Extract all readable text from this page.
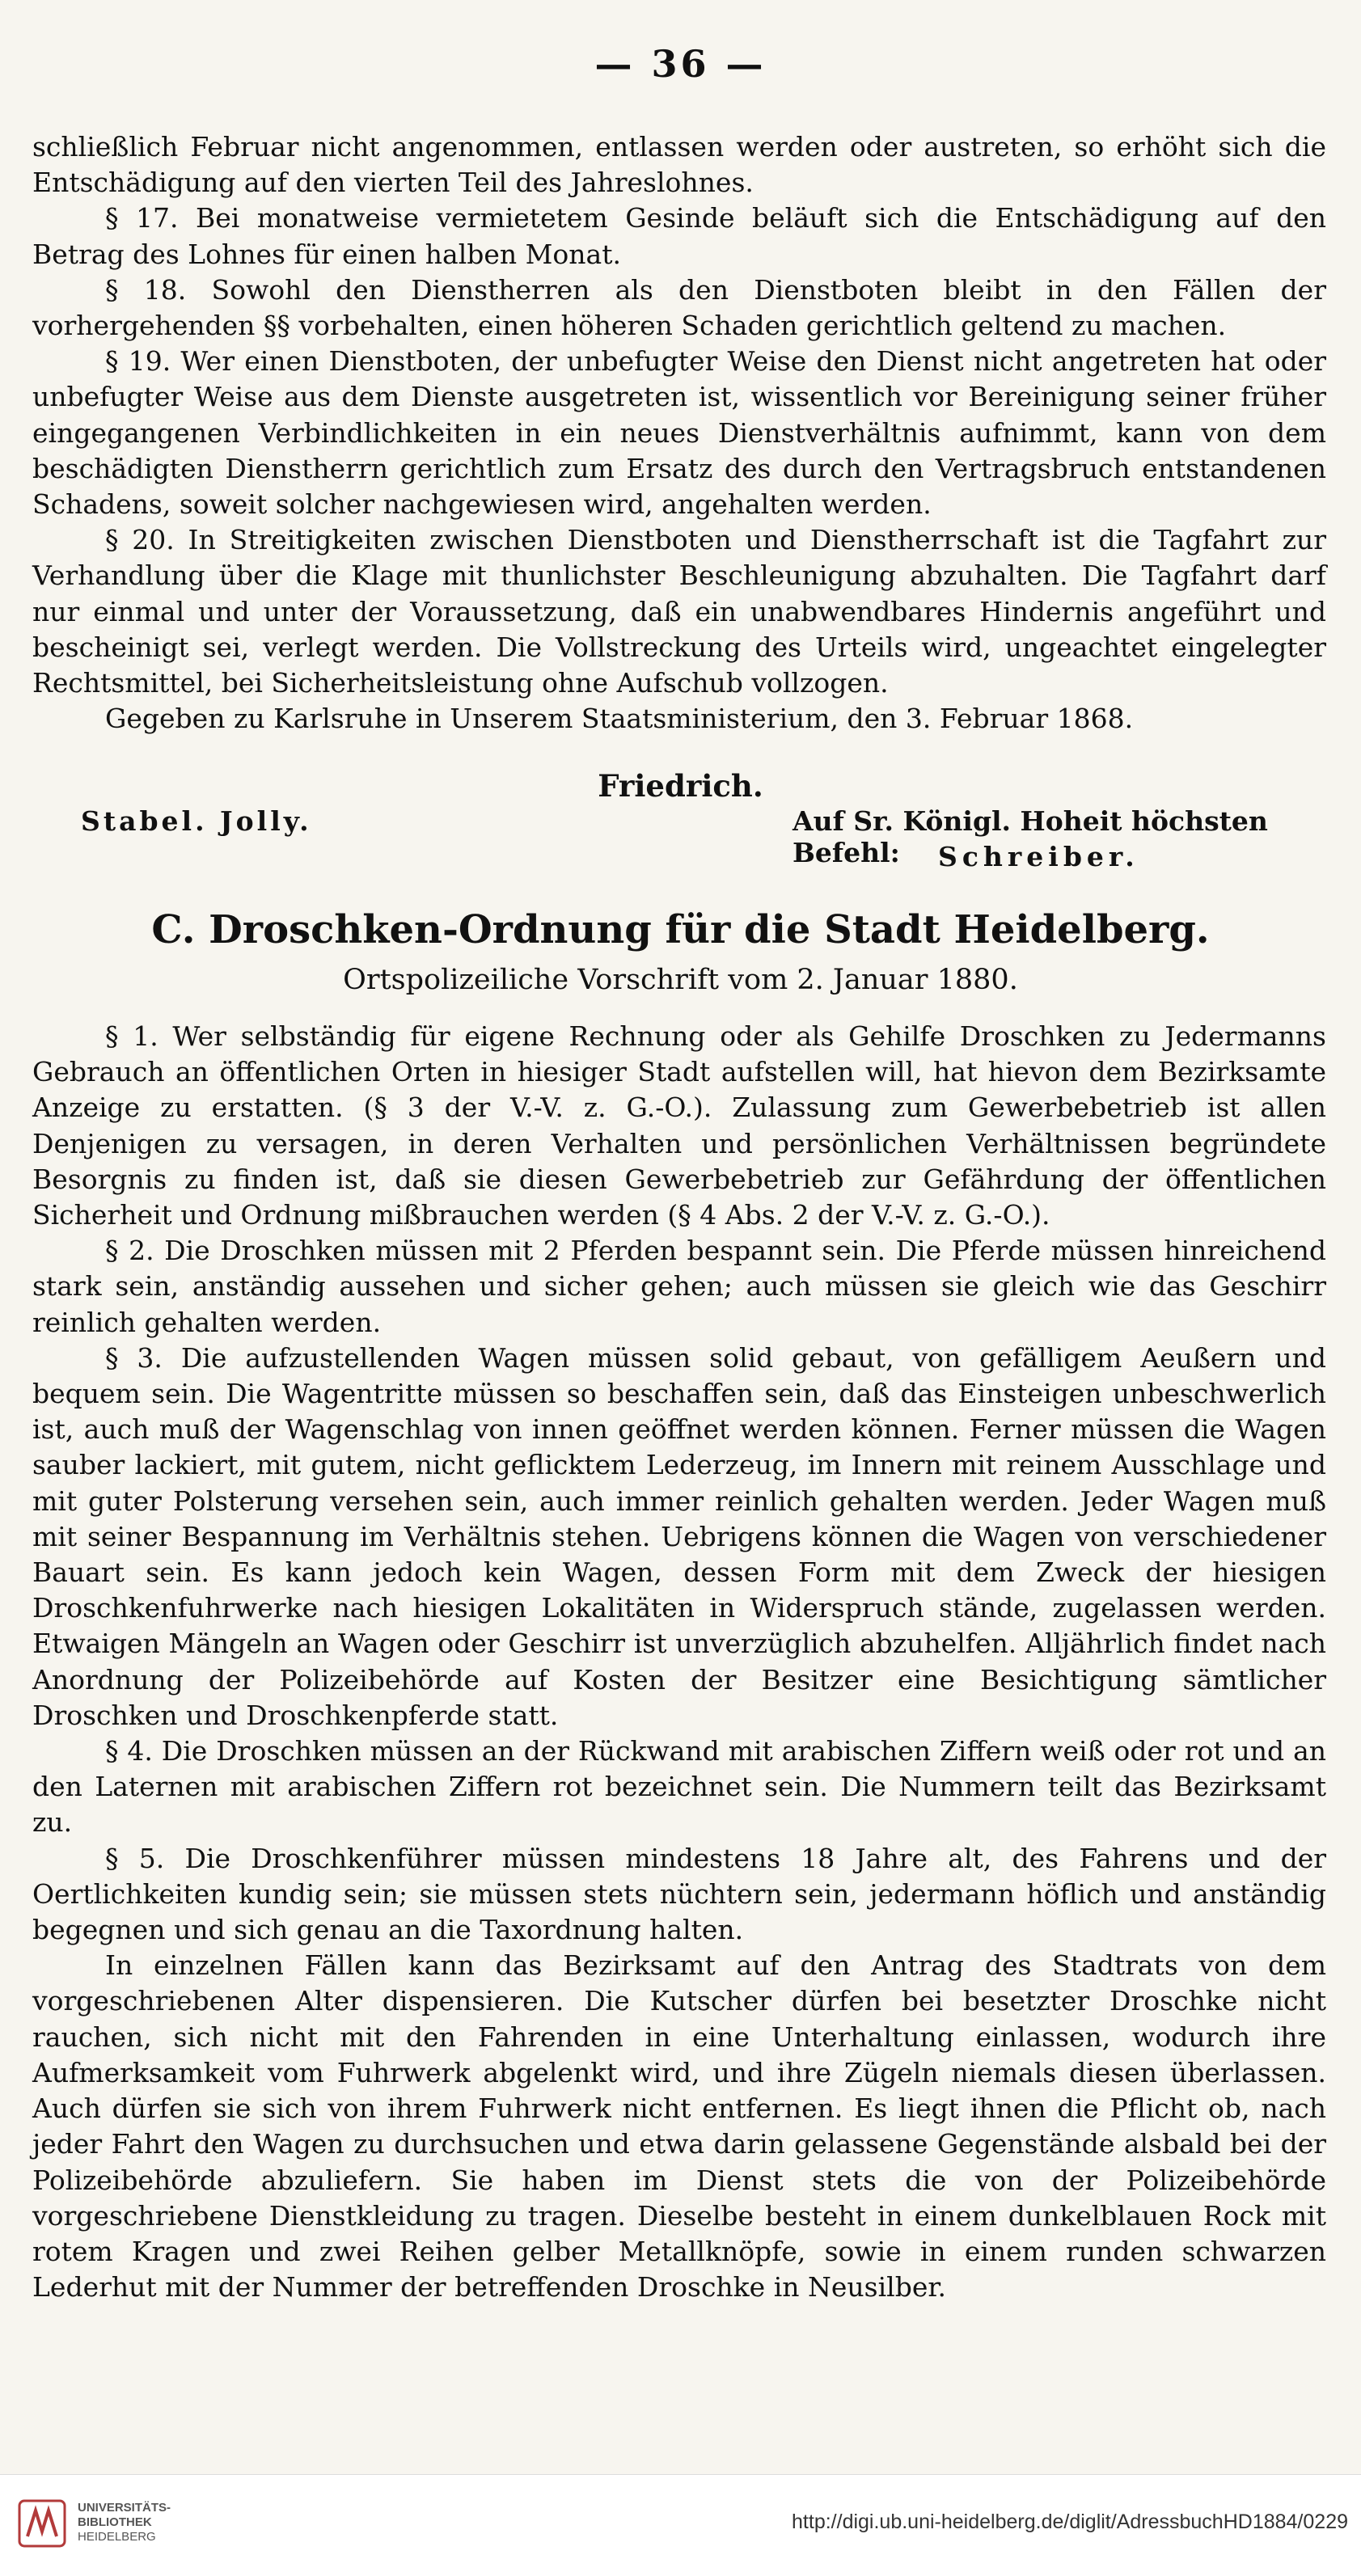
— 36 —

schließlich Februar nicht angenommen, entlassen werden oder austreten, so erhöht sich die Entschädigung auf den vierten Teil des Jahreslohnes.

§ 17. Bei monatweise vermietetem Gesinde beläuft sich die Entschädigung auf den Betrag des Lohnes für einen halben Monat.

§ 18. Sowohl den Dienstherren als den Dienstboten bleibt in den Fällen der vorhergehenden §§ vorbehalten, einen höheren Schaden gerichtlich geltend zu machen.

§ 19. Wer einen Dienstboten, der unbefugter Weise den Dienst nicht angetreten hat oder unbefugter Weise aus dem Dienste ausgetreten ist, wissentlich vor Bereinigung seiner früher eingegangenen Verbindlichkeiten in ein neues Dienstverhältnis aufnimmt, kann von dem beschädigten Dienstherrn gerichtlich zum Ersatz des durch den Vertragsbruch entstandenen Schadens, soweit solcher nachgewiesen wird, angehalten werden.

§ 20. In Streitigkeiten zwischen Dienstboten und Dienstherrschaft ist die Tagfahrt zur Verhandlung über die Klage mit thunlichster Beschleunigung abzuhalten. Die Tagfahrt darf nur einmal und unter der Voraussetzung, daß ein unabwendbares Hindernis angeführt und bescheinigt sei, verlegt werden. Die Vollstreckung des Urteils wird, ungeachtet eingelegter Rechtsmittel, bei Sicherheitsleistung ohne Aufschub vollzogen.

Gegeben zu Karlsruhe in Unserem Staatsministerium, den 3. Februar 1868.

Friedrich.
Stabel. Jolly.	Auf Sr. Königl. Hoheit höchsten Befehl:	Schreiber.
C. Droschken-Ordnung für die Stadt Heidelberg.
Ortspolizeiliche Vorschrift vom 2. Januar 1880.

§ 1. Wer selbständig für eigene Rechnung oder als Gehilfe Droschken zu Jedermanns Gebrauch an öffentlichen Orten in hiesiger Stadt aufstellen will, hat hievon dem Bezirksamte Anzeige zu erstatten. (§ 3 der V.-V. z. G.-O.). Zulassung zum Gewerbebetrieb ist allen Denjenigen zu versagen, in deren Verhalten und persönlichen Verhältnissen begründete Besorgnis zu finden ist, daß sie diesen Gewerbebetrieb zur Gefährdung der öffentlichen Sicherheit und Ordnung mißbrauchen werden (§ 4 Abs. 2 der V.-V. z. G.-O.).

§ 2. Die Droschken müssen mit 2 Pferden bespannt sein. Die Pferde müssen hinreichend stark sein, anständig aussehen und sicher gehen; auch müssen sie gleich wie das Geschirr reinlich gehalten werden.

§ 3. Die aufzustellenden Wagen müssen solid gebaut, von gefälligem Aeußern und bequem sein. Die Wagentritte müssen so beschaffen sein, daß das Einsteigen unbeschwerlich ist, auch muß der Wagenschlag von innen geöffnet werden können. Ferner müssen die Wagen sauber lackiert, mit gutem, nicht geflicktem Lederzeug, im Innern mit reinem Ausschlage und mit guter Polsterung versehen sein, auch immer reinlich gehalten werden. Jeder Wagen muß mit seiner Bespannung im Verhältnis stehen. Uebrigens können die Wagen von verschiedener Bauart sein. Es kann jedoch kein Wagen, dessen Form mit dem Zweck der hiesigen Droschkenfuhrwerke nach hiesigen Lokalitäten in Widerspruch stände, zugelassen werden. Etwaigen Mängeln an Wagen oder Geschirr ist unverzüglich abzuhelfen. Alljährlich findet nach Anordnung der Polizeibehörde auf Kosten der Besitzer eine Besichtigung sämtlicher Droschken und Droschkenpferde statt.

§ 4. Die Droschken müssen an der Rückwand mit arabischen Ziffern weiß oder rot und an den Laternen mit arabischen Ziffern rot bezeichnet sein. Die Nummern teilt das Bezirksamt zu.

§ 5. Die Droschkenführer müssen mindestens 18 Jahre alt, des Fahrens und der Oertlichkeiten kundig sein; sie müssen stets nüchtern sein, jedermann höflich und anständig begegnen und sich genau an die Taxordnung halten.

In einzelnen Fällen kann das Bezirksamt auf den Antrag des Stadtrats von dem vorgeschriebenen Alter dispensieren. Die Kutscher dürfen bei besetzter Droschke nicht rauchen, sich nicht mit den Fahrenden in eine Unterhaltung einlassen, wodurch ihre Aufmerksamkeit vom Fuhrwerk abgelenkt wird, und ihre Zügeln niemals diesen überlassen. Auch dürfen sie sich von ihrem Fuhrwerk nicht entfernen. Es liegt ihnen die Pflicht ob, nach jeder Fahrt den Wagen zu durchsuchen und etwa darin gelassene Gegenstände alsbald bei der Polizeibehörde abzuliefern. Sie haben im Dienst stets die von der Polizeibehörde vorgeschriebene Dienstkleidung zu tragen. Dieselbe besteht in einem dunkelblauen Rock mit rotem Kragen und zwei Reihen gelber Metallknöpfe, sowie in einem runden schwarzen Lederhut mit der Nummer der betreffenden Droschke in Neusilber.

UNIVERSITÄTS-
BIBLIOTHEK
HEIDELBERG
http://digi.ub.uni-heidelberg.de/diglit/AdressbuchHD1884/0229
